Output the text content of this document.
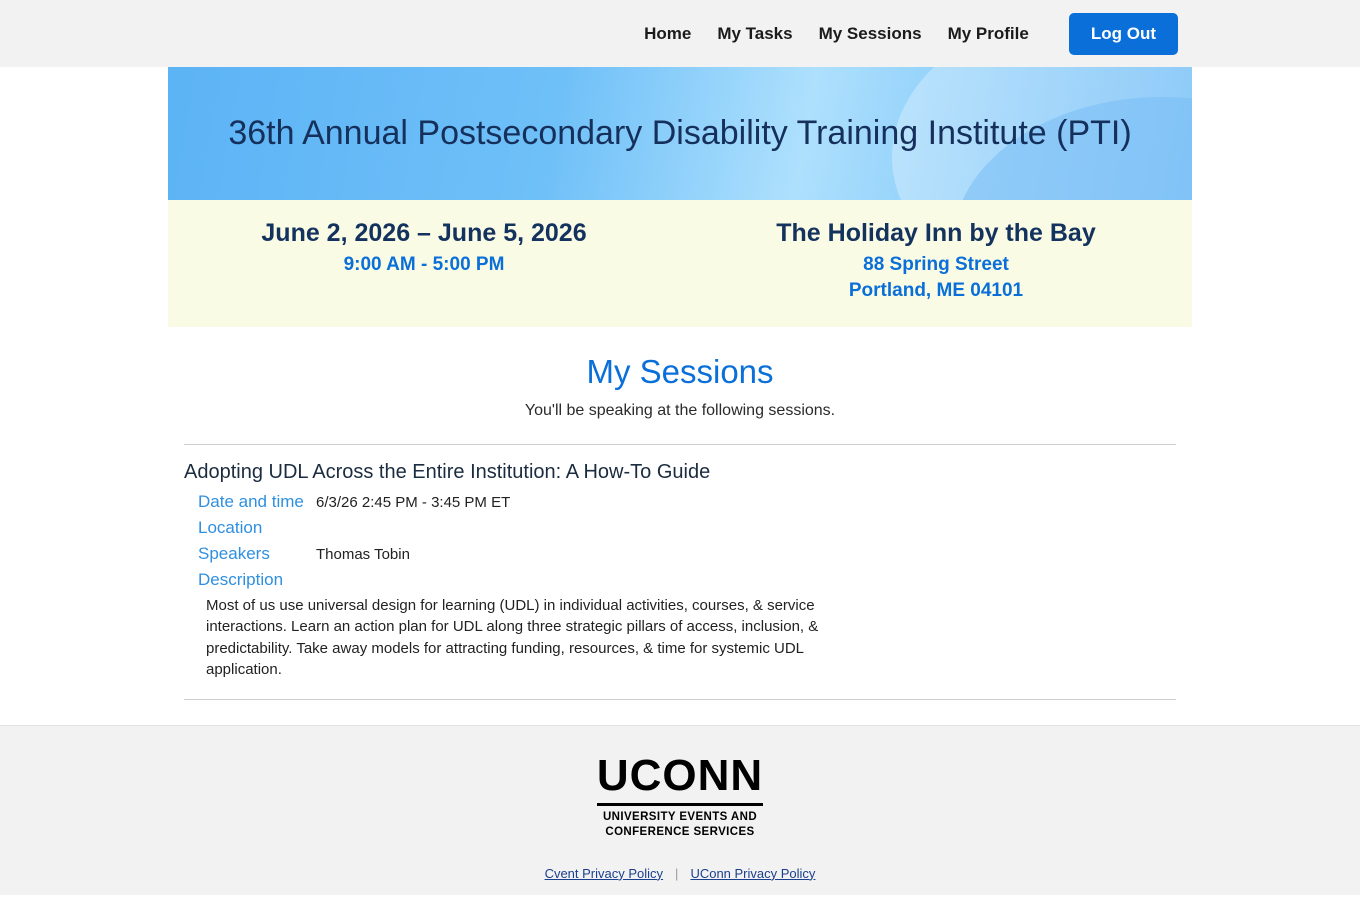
Home My Tasks My Sessions My Profile	Log Out
36th Annual Postsecondary Disability Training Institute (PTI)
June 2, 2026 – June 5, 2026
9:00 AM - 5:00 PM
The Holiday Inn by the Bay
88 Spring Street
Portland, ME 04101
My Sessions
You'll be speaking at the following sessions.
Adopting UDL Across the Entire Institution: A How-To Guide
Date and time 6/3/26 2:45 PM - 3:45 PM ET
Location
Speakers	Thomas Tobin
Description
Most of us use universal design for learning (UDL) in individual activities, courses, & service interactions. Learn an action plan for UDL along three strategic pillars of access, inclusion, & predictability. Take away models for attracting funding, resources, & time for systemic UDL application.
UCONN
UNIVERSITY EVENTS AND
CONFERENCE SERVICES
Cvent Privacy Policy | UConn Privacy Policy
